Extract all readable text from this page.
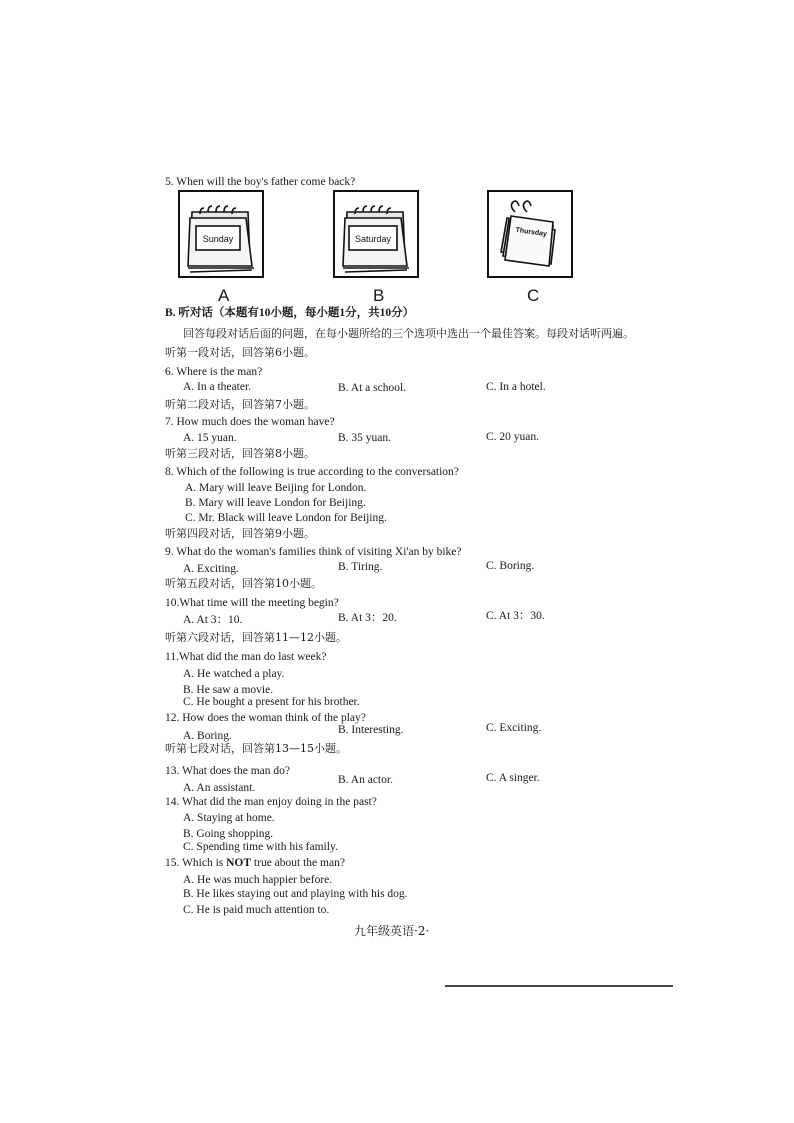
5. When will the boy's father come back?
Sunday
A
Saturday
B
Thursday
C
B. 听对话（本题有10小题，每小题1分，共10分）
回答每段对话后面的问题，在每小题所给的三个选项中选出一个最佳答案。每段对话听两遍。
听第一段对话，回答第6小题。
6. Where is the man?
A. In a theater.	B. At a school.	C. In a hotel.
听第二段对话，回答第7小题。
7. How much does the woman have?
A. 15 yuan.	B. 35 yuan.	C. 20 yuan.
听第三段对话，回答第8小题。
8. Which of the following is true according to the conversation?
A. Mary will leave Beijing for London.
B. Mary will leave London for Beijing.
C. Mr. Black will leave London for Beijing.
听第四段对话，回答第9小题。
9. What do the woman's families think of visiting Xi'an by bike?
A. Exciting.	B. Tiring.	C. Boring.
听第五段对话，回答第10小题。
10.What time will the meeting begin?
A. At 3：10.	B. At 3：20.	C. At 3：30.
听第六段对话，回答第11—12小题。
11.What did the man do last week?
A. He watched a play.
B. He saw a movie.
C. He bought a present for his brother.
12. How does the woman think of the play?
A. Boring.	B. Interesting.	C. Exciting.
听第七段对话，回答第13—15小题。
13. What does the man do?
A. An assistant.
B. An actor.	C. A singer.
14. What did the man enjoy doing in the past?
A. Staying at home.
B. Going shopping.
C. Spending time with his family.
15. Which is NOT true about the man?
A. He was much happier before.
B. He likes staying out and playing with his dog.
C. He is paid much attention to.
九年级英语·2·
